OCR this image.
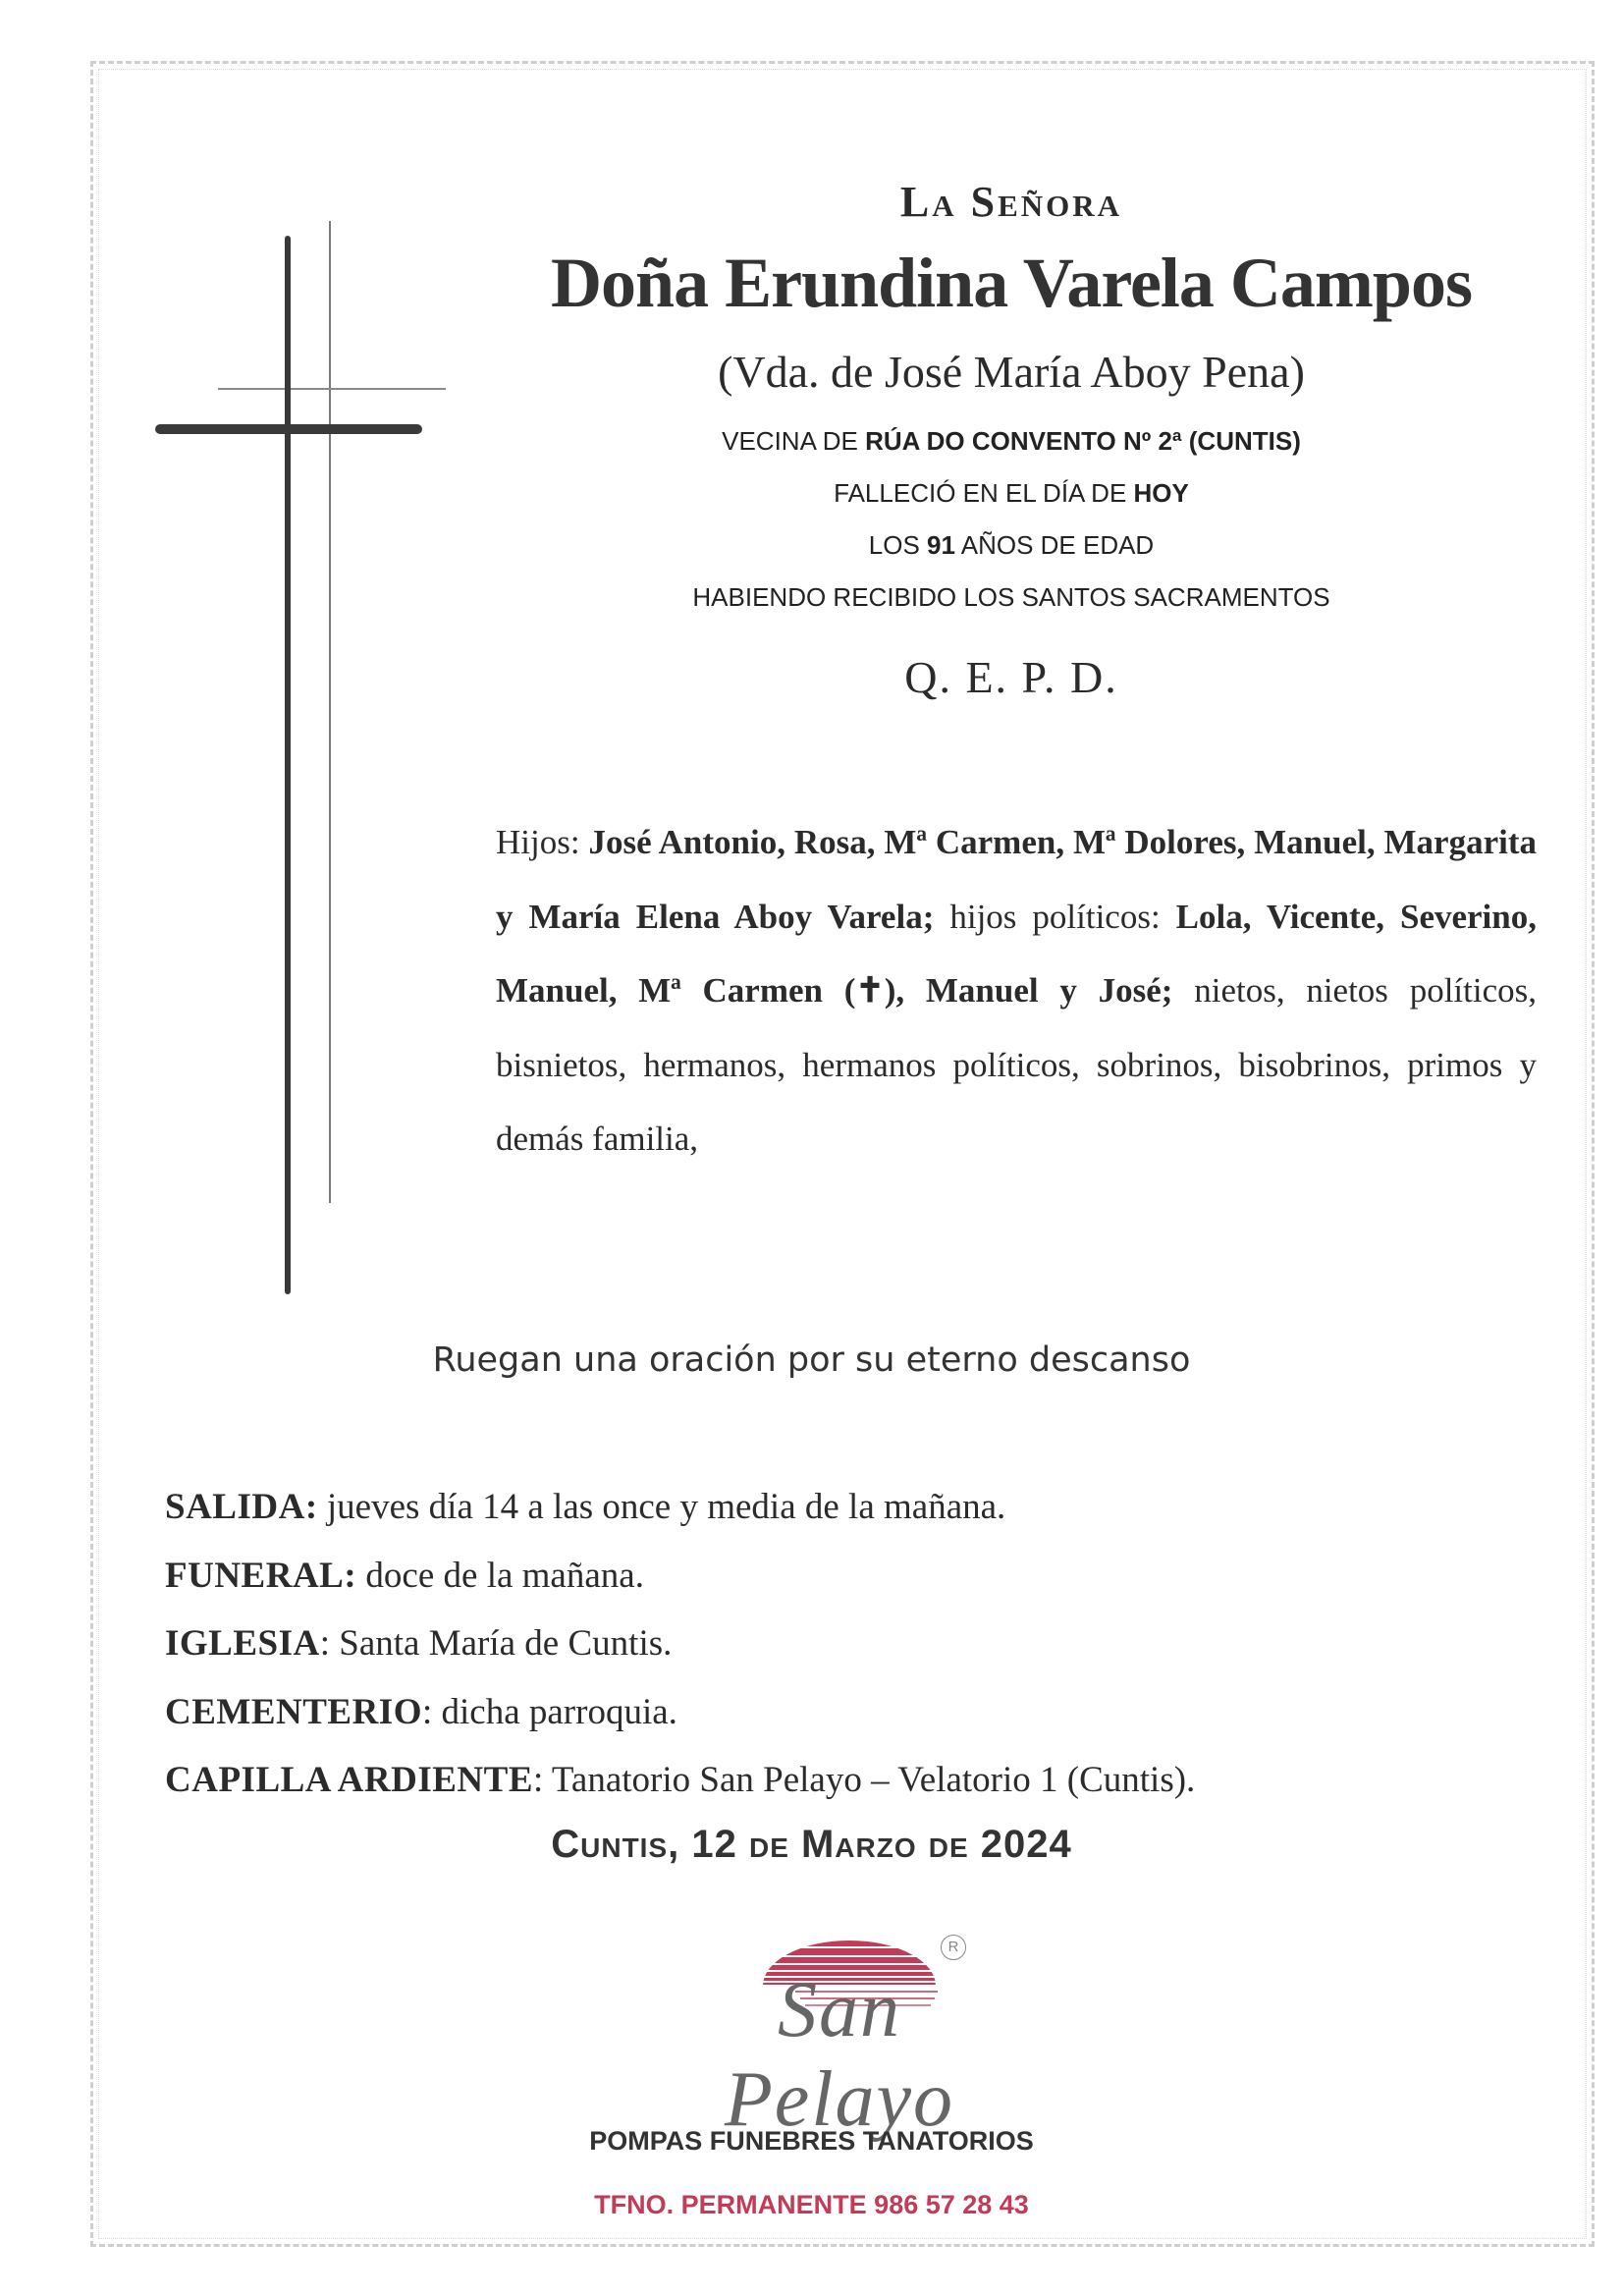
La Señora

Doña Erundina Varela Campos

(Vda. de José María Aboy Pena)

VECINA DE RÚA DO CONVENTO Nº 2ª (CUNTIS)

FALLECIÓ EN EL DÍA DE HOY

LOS 91 AÑOS DE EDAD

HABIENDO RECIBIDO LOS SANTOS SACRAMENTOS

Q. E. P. D.

Hijos: José Antonio, Rosa, Mª Carmen, Mª Dolores, Manuel, Margarita y María Elena Aboy Varela; hijos políticos: Lola, Vicente, Severino, Manuel, Mª Carmen (✝), Manuel y José; nietos, nietos políticos, bisnietos, hermanos, hermanos políticos, sobrinos, bisobrinos, primos y demás familia,

Ruegan una oración por su eterno descanso

SALIDA: jueves día 14 a las once y media de la mañana.

FUNERAL: doce de la mañana.

IGLESIA: Santa María de Cuntis.

CEMENTERIO: dicha parroquia.

CAPILLA ARDIENTE: Tanatorio San Pelayo – Velatorio 1 (Cuntis).

Cuntis, 12 de Marzo de 2024

R

San Pelayo

POMPAS FUNEBRES TANATORIOS

TFNO. PERMANENTE 986 57 28 43
